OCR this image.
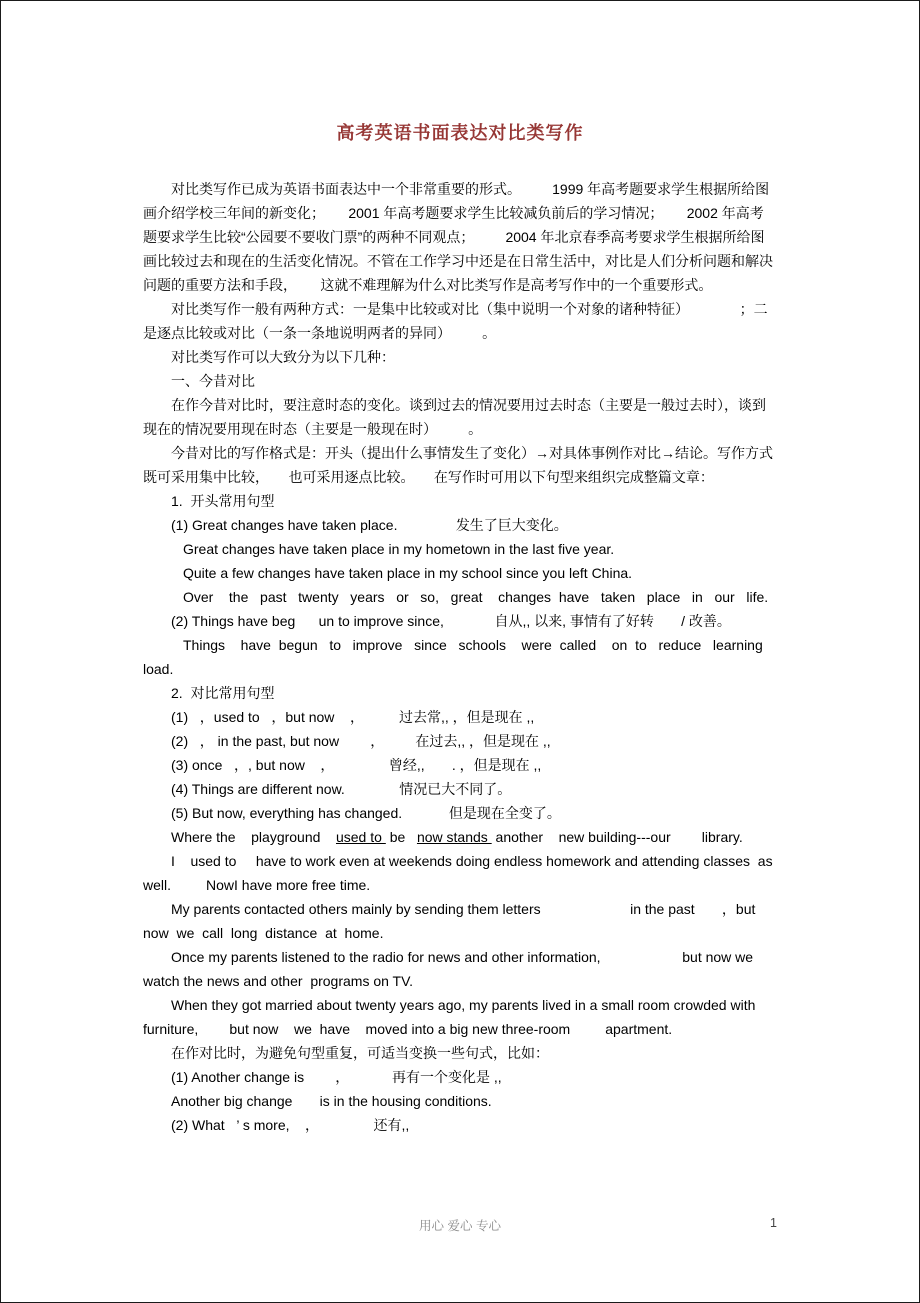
高考英语书面表达对比类写作
对比类写作已成为英语书面表达中一个非常重要的形式。        1999 年高考题要求学生根据所给图画介绍学校三年间的新变化；      2001 年高考题要求学生比较减负前后的学习情况；      2002 年高考题要求学生比较“公园要不要收门票”的两种不同观点；        2004 年北京春季高考要求学生根据所给图画比较过去和现在的生活变化情况。不管在工作学习中还是在日常生活中，对比是人们分析问题和解决问题的重要方法和手段，      这就不难理解为什么对比类写作是高考写作中的一个重要形式。
对比类写作一般有两种方式：一是集中比较或对比（集中说明一个对象的诸种特征）             ；二是逐点比较或对比（一条一条地说明两者的异同）        。
对比类写作可以大致分为以下几种：
一、今昔对比
在作今昔对比时，要注意时态的变化。谈到过去的情况要用过去时态（主要是一般过去时），谈到现在的情况要用现在时态（主要是一般现在时）        。
今昔对比的写作格式是：开头（提出什么事情发生了变化）→对具体事例作对比→结论。写作方式既可采用集中比较，     也可采用逐点比较。     在写作时可用以下句型来组织完成整篇文章：
1.  开头常用句型
(1) Great changes have taken place.               发生了巨大变化。
Great changes have taken place in my hometown in the last five year.
Quite a few changes have taken place in my school since you left China.
Over    the   past   twenty   years   or   so,   great    changes  have   taken   place   in   our   life.
(2) Things have beg      un to improve since,             自从,, 以来, 事情有了好转       / 改善。
Things    have  begun   to   improve   since   schools    were  called    on  to   reduce   learning load.
2.  对比常用句型
(1)   ，used to   ，but now    ，         过去常,, ，但是现在 ,,
(2)   ， in the past, but now        ，        在过去,, ，但是现在 ,,
(3) once   ，, but now    ，              曾经,,       . ，但是现在 ,,
(4) Things are different now.              情况已大不同了。
(5) But now, everything has changed.            但是现在全变了。
Where the    playground    used to  be   now stands  another    new building---our        library.
I    used to     have to work even at weekends doing endless homework and attending classes  as well.         NowI have more free time.
My parents contacted others mainly by sending them letters                       in the past       ，but now  we  call  long  distance  at  home.
Once my parents listened to the radio for news and other information,                     but now we watch the news and other  programs on TV.
When they got married about twenty years ago, my parents lived in a small room crowded with furniture,        but now    we  have    moved into a big new three-room         apartment.
在作对比时，为避免句型重复，可适当变换一些句式，比如：
(1) Another change is        ，           再有一个变化是 ,,
Another big change       is in the housing conditions.
(2) What   ’ s more,    ，              还有,,
用心 爱心 专心	1
